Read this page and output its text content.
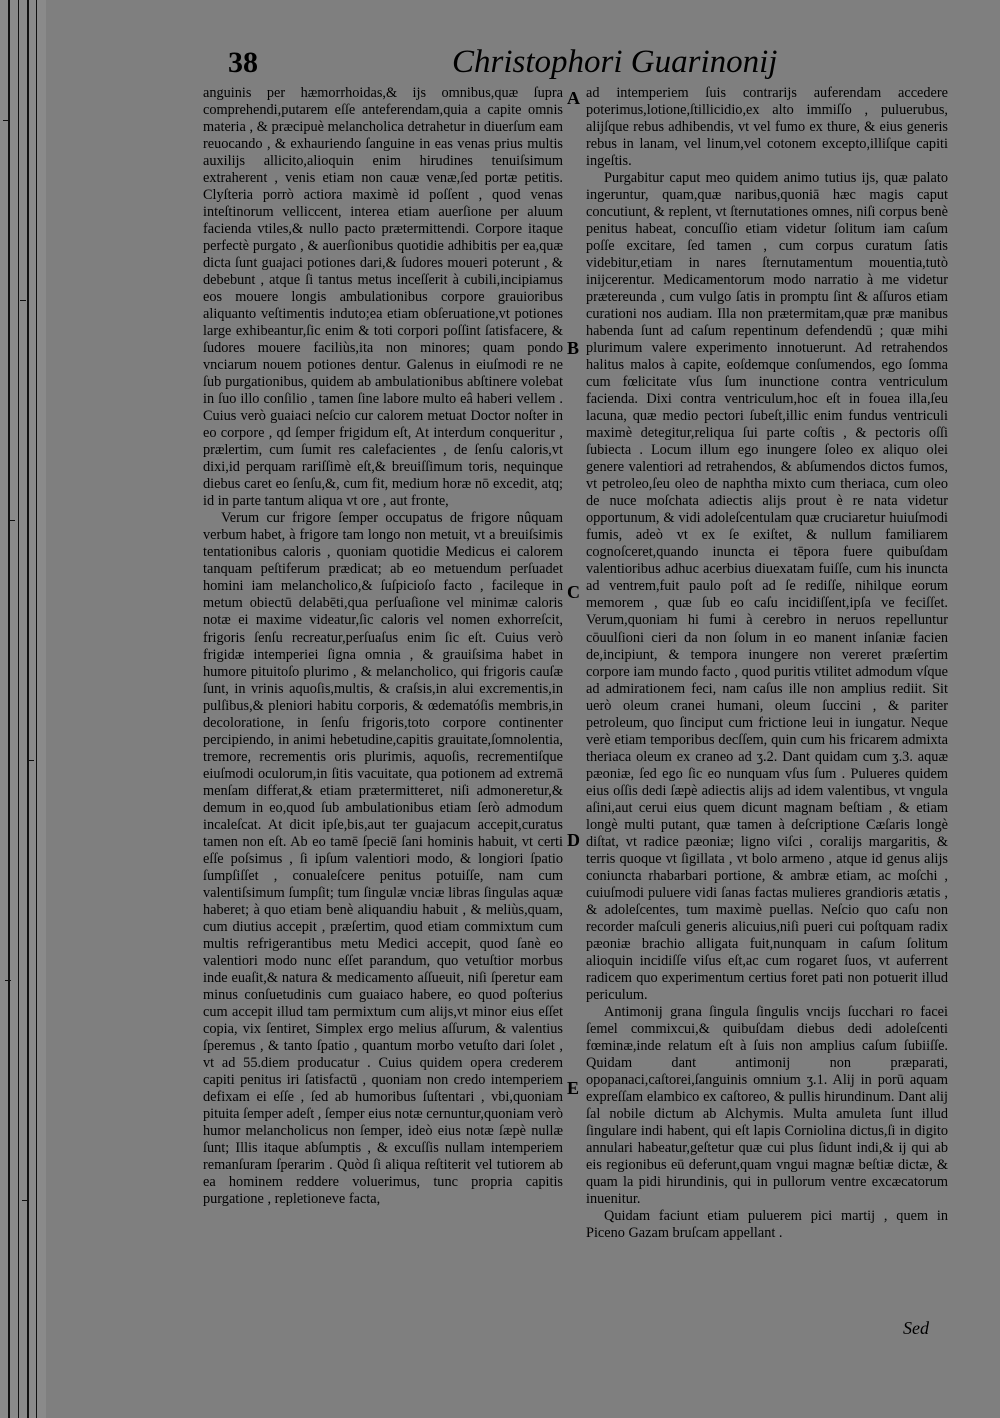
38	Christophori Guarinonij

anguinis per hæmorrhoidas,& ijs omnibus,quæ ſupra comprehendi,putarem eſſe anteferendam,quia a capite omnis materia , & præcipuè melancholica detrahetur in diuerſum eam reuocando , & exhauriendo ſanguine in eas venas prius multis auxilijs allicito,alioquin enim hirudines tenuiſsimum extraherent , venis etiam non cauæ venæ,ſed portæ petitis. Clyſteria porrò actiora maximè id poſſent , quod venas inteſtinorum velliccent, interea etiam auerſione per aluum facienda vtiles,& nullo pacto prætermittendi. Corpore itaque perfectè purgato , & auerſionibus quotidie adhibitis per ea,quæ dicta ſunt guajaci potiones dari,& ſudores moueri poterunt , & debebunt , atque ſi tantus metus inceſſerit à cubili,incipiamus eos mouere longis ambulationibus corpore grauioribus aliquanto veſtimentis induto;ea etiam obſeruatione,vt potiones large exhibeantur,ſic enim & toti corpori poſſint ſatisfacere, & ſudores mouere faciliùs,ita non minores; quam pondo vnciarum nouem potiones dentur. Galenus in eiuſmodi re ne ſub purgationibus, quidem ab ambulationibus abſtinere volebat in ſuo illo conſilio , tamen ſine labore multo eâ haberi vellem . Cuius verò guaiaci neſcio cur calorem metuat Doctor noſter in eo corpore , qd ſemper frigidum eſt, At interdum conqueritur , prælertim, cum ſumit res calefacientes , de ſenſu caloris,vt dixi,id perquam rariſſimè eſt,& breuiſſimum toris, nequinque diebus caret eo ſenſu,&, cum fit, medium horæ nō excedit, atq; id in parte tantum aliqua vt ore , aut fronte,

Verum cur frigore ſemper occupatus de frigore nûquam verbum habet, à frigore tam longo non metuit, vt a breuiſsimis tentationibus caloris , quoniam quotidie Medicus ei calorem tanquam peſtiferum prædicat; ab eo metuendum perſuadet homini iam melancholico,& ſuſpicioſo facto , facileque in metum obiectū delabēti,qua perſuaſione vel minimæ caloris notæ ei maxime videatur,ſic caloris vel nomen exhorreſcit, frigoris ſenſu recreatur,perſuaſus enim ſic eſt. Cuius verò frigidæ intemperiei ſigna omnia , & grauiſsima habet in humore pituitoſo plurimo , & melancholico, qui frigoris cauſæ ſunt, in vrinis aquoſis,multis, & craſsis,in alui excrementis,in pulſibus,& pleniori habitu corporis, & œdematóſis membris,in decoloratione, in ſenſu frigoris,toto corpore continenter percipiendo, in animi hebetudine,capitis grauitate,ſomnolentia, tremore, recrementis oris plurimis, aquoſis, recrementiſque eiuſmodi oculorum,in ſitis vacuitate, qua potionem ad extremā menſam differat,& etiam prætermitteret, niſi admoneretur,& demum in eo,quod ſub ambulationibus etiam ſerò admodum incaleſcat. At dicit ipſe,bis,aut ter guajacum accepit,curatus tamen non eſt. Ab eo tamē ſpeciē ſani hominis habuit, vt certi eſſe poſsimus , ſi ipſum valentiori modo, & longiori ſpatio ſumpſiſſet , conualeſcere penitus potuiſſe, nam cum valentiſsimum ſumpſit; tum ſingulæ vnciæ libras ſingulas aquæ haberet; à quo etiam benè aliquandiu habuit , & meliùs,quam, cum diutius accepit , præſertim, quod etiam commixtum cum multis refrigerantibus metu Medici accepit, quod ſanè eo valentiori modo nunc eſſet parandum, quo vetuſtior morbus inde euaſit,& natura & medicamento aſſueuit, niſi ſperetur eam minus conſuetudinis cum guaiaco habere, eo quod poſterius cum accepit illud tam permixtum cum alijs,vt minor eius eſſet copia, vix ſentiret, Simplex ergo melius aſſurum, & valentius ſperemus , & tanto ſpatio , quantum morbo vetuſto dari ſolet , vt ad 55.diem producatur . Cuius quidem opera crederem capiti penitus iri ſatisfactū , quoniam non credo intemperiem defixam ei eſſe , ſed ab humoribus ſuſtentari , vbi,quoniam pituita ſemper adeſt , ſemper eius notæ cernuntur,quoniam verò humor melancholicus non ſemper, ideò eius notæ ſæpè nullæ ſunt; Illis itaque abſumptis , & excuſſis nullam intemperiem remanſuram ſperarim . Quòd ſi aliqua reſtiterit vel tutiorem ab ea hominem reddere voluerimus, tunc propria capitis purgatione , repletioneve facta,

A
B
C
D
E

ad intemperiem ſuis contrarijs auferendam accedere poterimus,lotione,ſtillicidio,ex alto immiſſo , puluerubus, alijſque rebus adhibendis, vt vel fumo ex thure, & eius generis rebus in lanam, vel linum,vel cotonem excepto,illiſque capiti ingeſtis.

Purgabitur caput meo quidem animo tutius ijs, quæ palato ingeruntur, quam,quæ naribus,quoniā hæc magis caput concutiunt, & replent, vt ſternutationes omnes, niſi corpus benè penitus habeat, concuſſio etiam videtur ſolitum iam caſum poſſe excitare, ſed tamen , cum corpus curatum ſatis videbitur,etiam in nares ſternutamentum mouentia,tutò inijcerentur. Medicamentorum modo narratio à me videtur prætereunda , cum vulgo ſatis in promptu ſint & aſſuros etiam curationi nos audiam. Illa non prætermitam,quæ præ manibus habenda ſunt ad caſum repentinum defendendū ; quæ mihi plurimum valere experimento innotuerunt. Ad retrahendos halitus malos à capite, eoſdemque conſumendos, ego ſomma cum fœlicitate vſus ſum inunctione contra ventriculum facienda. Dixi contra ventriculum,hoc eſt in fouea illa,ſeu lacuna, quæ medio pectori ſubeſt,illic enim fundus ventriculi maximè detegitur,reliqua ſui parte coſtis , & pectoris oſſi ſubiecta . Locum illum ego inungere ſoleo ex aliquo olei genere valentiori ad retrahendos, & abſumendos dictos fumos, vt petroleo,ſeu oleo de naphtha mixto cum theriaca, cum oleo de nuce moſchata adiectis alijs prout è re nata videtur opportunum, & vidi adoleſcentulam quæ cruciaretur huiuſmodi fumis, adeò vt ex ſe exiſtet, & nullum familiarem cognoſceret,quando inuncta ei tēpora fuere quibuſdam valentioribus adhuc acerbius diuexatam fuiſſe, cum his inuncta ad ventrem,fuit paulo poſt ad ſe rediſſe, nihilque eorum memorem , quæ ſub eo caſu incidiſſent,ipſa ve feciſſet. Verum,quoniam hi fumi à cerebro in neruos repelluntur cōuulſioni cieri da non ſolum in eo manent inſaniæ facien de,incipiunt, & tempora inungere non vereret præſertim corpore iam mundo facto , quod puritis vtilitet admodum vſque ad admirationem feci, nam caſus ille non amplius rediit. Sit uerò oleum cranei humani, oleum ſuccini , & pariter petroleum, quo ſinciput cum frictione leui in iungatur. Neque verè etiam temporibus decſſem, quin cum his fricarem admixta theriaca oleum ex craneo ad ʒ.2. Dant quidam cum ʒ.3. aquæ pæoniæ, ſed ego ſic eo nunquam vſus ſum . Pulueres quidem eius oſſis dedi ſæpè adiectis alijs ad idem valentibus, vt vngula aſini,aut cerui eius quem dicunt magnam beſtiam , & etiam longè multi putant, quæ tamen à deſcriptione Cæſaris longè diſtat, vt radice pæoniæ; ligno viſci , coralijs margaritis, & terris quoque vt ſigillata , vt bolo armeno , atque id genus alijs coniuncta rhabarbari portione, & ambræ etiam, ac moſchi , cuiuſmodi puluere vidi ſanas factas mulieres grandioris ætatis , & adoleſcentes, tum maximè puellas. Neſcio quo caſu non recorder maſculi generis alicuius,niſi pueri cui poſtquam radix pæoniæ brachio alligata fuit,nunquam in caſum ſolitum alioquin incidiſſe viſus eſt,ac cum rogaret ſuos, vt auferrent radicem quo experimentum certius foret pati non potuerit illud periculum.

Antimonij grana ſingula ſingulis vncijs ſucchari ro facei ſemel commixcui,& quibuſdam diebus dedi adoleſcenti fœminæ,inde relatum eſt à ſuis non amplius caſum ſubiiſſe. Quidam dant antimonij non præparati, opopanaci,caſtorei,ſanguinis omnium ʒ.1. Alij in porū aquam expreſſam elambico ex caſtoreo, & pullis hirundinum. Dant alij ſal nobile dictum ab Alchymis. Multa amuleta ſunt illud ſingulare indi habent, qui eſt lapis Corniolina dictus,ſi in digito annulari habeatur,geſtetur quæ cui plus ſidunt indi,& ij qui ab eis regionibus eū deferunt,quam vngui magnæ beſtiæ dictæ, & quam la pidi hirundinis, qui in pullorum ventre excæcatorum inuenitur.

Quidam faciunt etiam puluerem pici martij , quem in Piceno Gazam bruſcam appellant .

Sed
